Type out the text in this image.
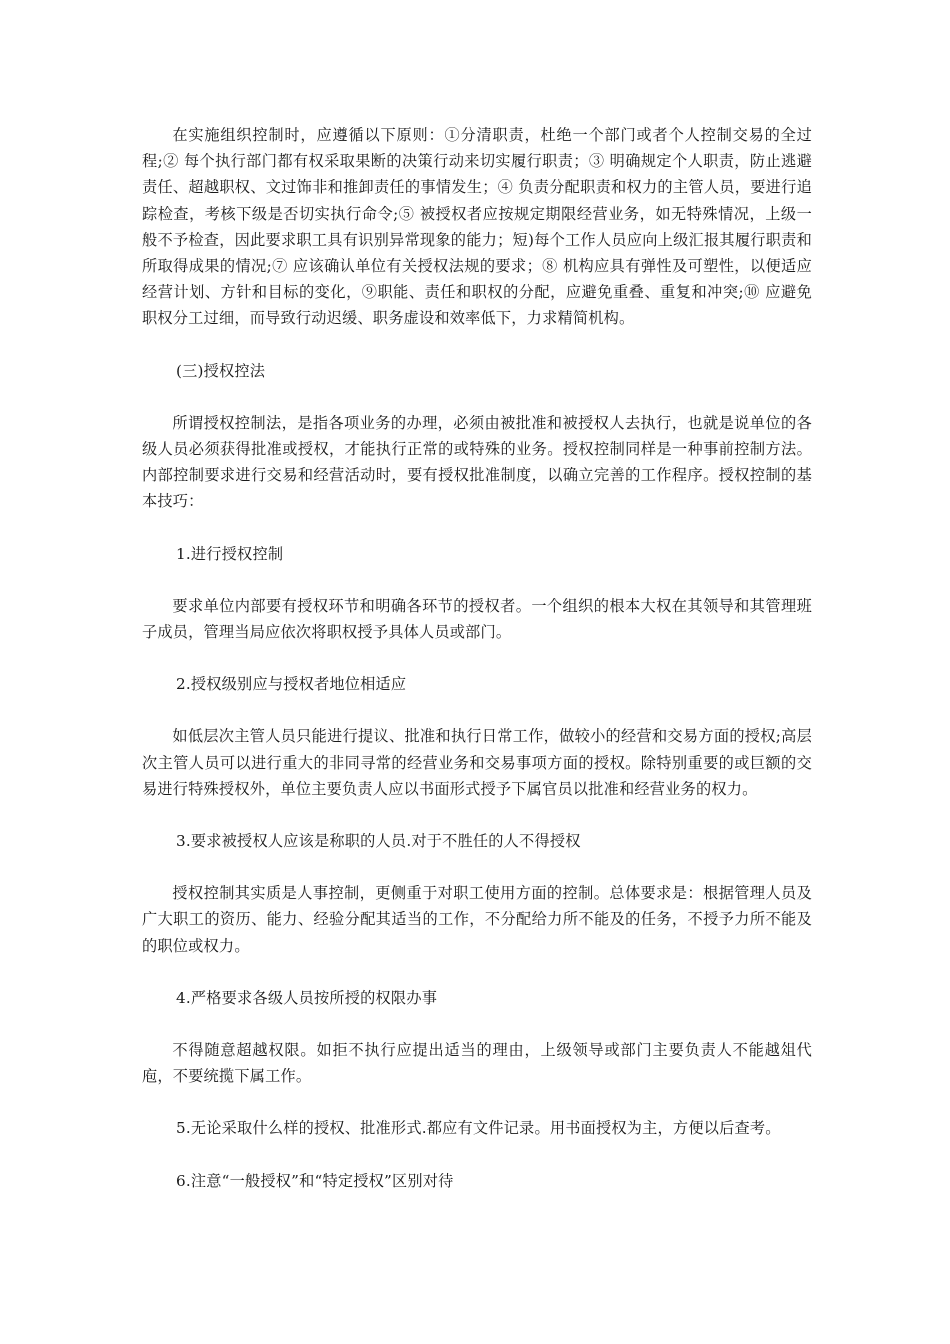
在实施组织控制时，应遵循以下原则：①分清职责，杜绝一个部门或者个人控制交易的全过程;② 每个执行部门都有权采取果断的决策行动来切实履行职责；③ 明确规定个人职责，防止逃避责任、超越职权、文过饰非和推卸责任的事情发生；④ 负责分配职责和权力的主管人员，要进行追踪检查，考核下级是否切实执行命令;⑤ 被授权者应按规定期限经营业务，如无特殊情况，上级一般不予检查，因此要求职工具有识别异常现象的能力；短)每个工作人员应向上级汇报其履行职责和所取得成果的情况;⑦ 应该确认单位有关授权法规的要求；⑧ 机构应具有弹性及可塑性，以便适应经营计划、方针和目标的变化，⑨职能、责任和职权的分配，应避免重叠、重复和冲突;⑩ 应避免职权分工过细，而导致行动迟缓、职务虚设和效率低下，力求精简机构。

(三)授权控法

所谓授权控制法，是指各项业务的办理，必须由被批准和被授权人去执行，也就是说单位的各级人员必须获得批准或授权，才能执行正常的或特殊的业务。授权控制同样是一种事前控制方法。内部控制要求进行交易和经营活动时，要有授权批准制度，以确立完善的工作程序。授权控制的基本技巧：

1.进行授权控制

要求单位内部要有授权环节和明确各环节的授权者。一个组织的根本大权在其领导和其管理班子成员，管理当局应依次将职权授予具体人员或部门。

2.授权级别应与授权者地位相适应

如低层次主管人员只能进行提议、批准和执行日常工作，做较小的经营和交易方面的授权;高层次主管人员可以进行重大的非同寻常的经营业务和交易事项方面的授权。除特别重要的或巨额的交易进行特殊授权外，单位主要负责人应以书面形式授予下属官员以批准和经营业务的权力。

3.要求被授权人应该是称职的人员.对于不胜任的人不得授权

授权控制其实质是人事控制，更侧重于对职工使用方面的控制。总体要求是：根据管理人员及广大职工的资历、能力、经验分配其适当的工作，不分配给力所不能及的任务，不授予力所不能及的职位或权力。

4.严格要求各级人员按所授的权限办事

不得随意超越权限。如拒不执行应提出适当的理由，上级领导或部门主要负责人不能越俎代庖，不要统揽下属工作。

5.无论采取什么样的授权、批准形式.都应有文件记录。用书面授权为主，方便以后查考。

6.注意“一般授权”和“特定授权”区别对待
